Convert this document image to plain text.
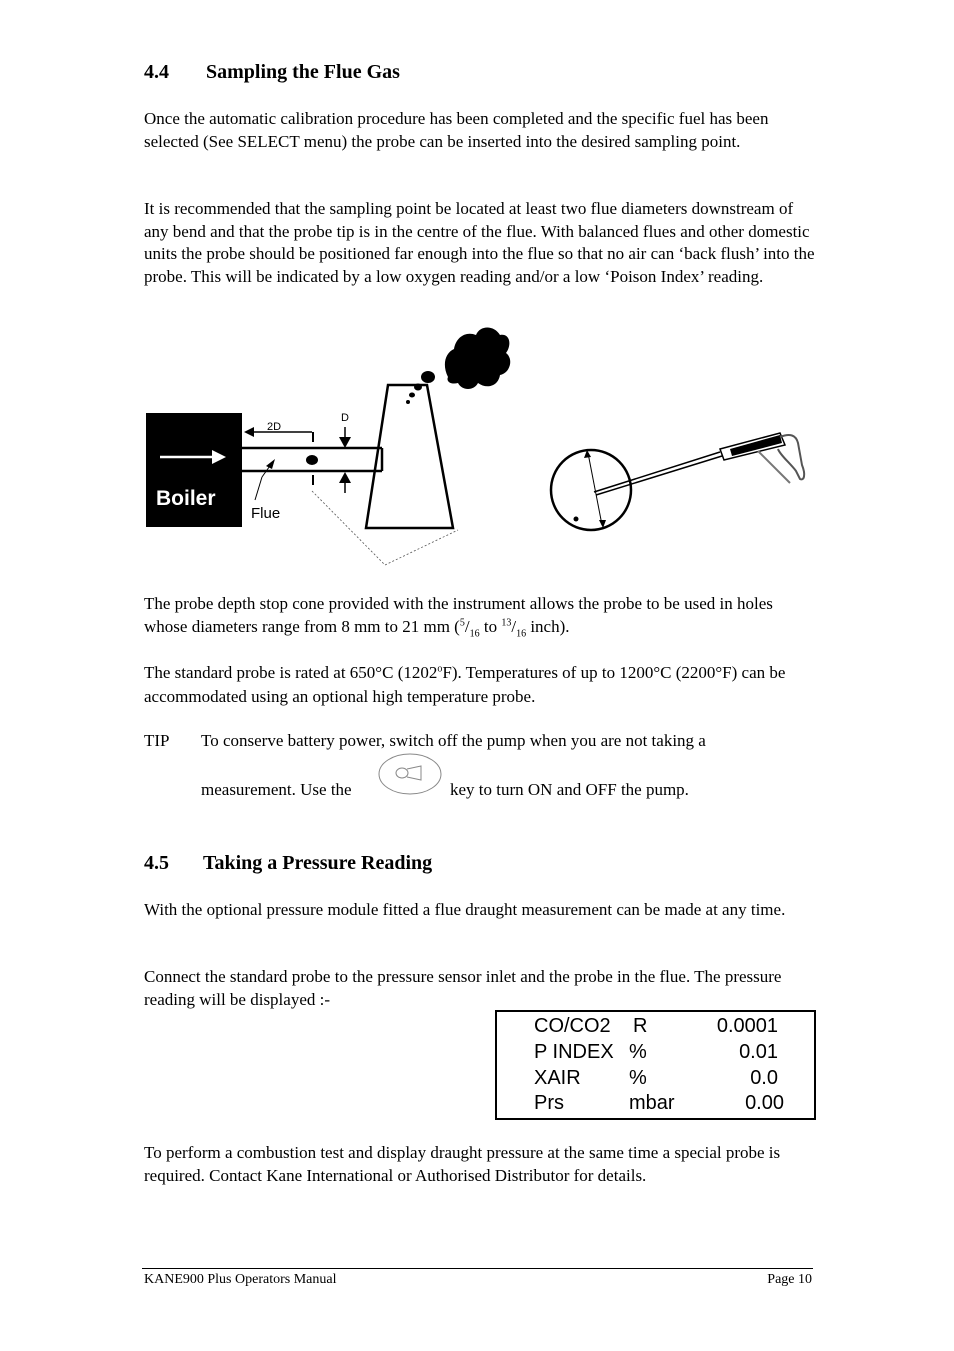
4.4 Sampling the Flue Gas
Once the automatic calibration procedure has been completed and the specific fuel has been selected (See SELECT menu) the probe can be inserted into the desired sampling point.
It is recommended that the sampling point be located at least two flue diameters downstream of any bend and that the probe tip is in the centre of the flue. With balanced flues and other domestic units the probe should be positioned far enough into the flue so that no air can ‘back flush’ into the probe. This will be indicated by a low oxygen reading and/or a low ‘Poison Index’ reading.
Boiler
2D
D
Flue
The probe depth stop cone provided with the instrument allows the probe to be used in holes whose diameters range from 8 mm to 21 mm ($^5/_{16}$ to $^{13}/_{16}$ inch).
The standard probe is rated at 650°C (1202$^o$F). Temperatures of up to 1200°C (2200°F) can be accommodated using an optional high temperature probe.
TIP	To conserve battery power, switch off the pump when you are not taking a
measurement. Use the	key to turn ON and OFF the pump.
4.5 Taking a Pressure Reading
With the optional pressure module fitted a flue draught measurement can be made at any time.
Connect the standard probe to the pressure sensor inlet and the probe in the flue. The pressure reading will be displayed :-
CO/CO2 R	0.0001
P INDEX %	0.01
XAIR %	0.0
Prs	mbar	0.00
To perform a combustion test and display draught pressure at the same time a special probe is required. Contact Kane International or Authorised Distributor for details.
KANE900 Plus Operators Manual	Page 10
